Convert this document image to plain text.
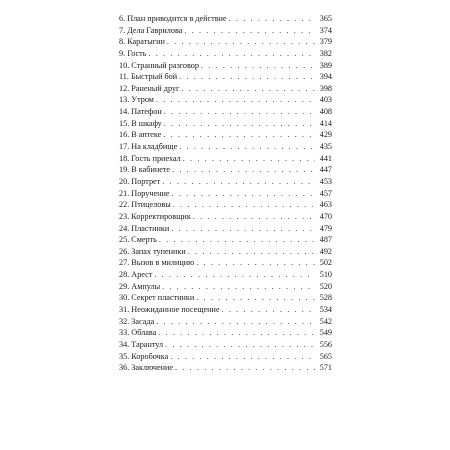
6. План приводится в действие . . .	365
7. Дела Гаврилова . . .	374
8. Каратыгин . . .	379
9. Гость . . .	382
10. Странный разговор . . .	389
11. Быстрый бой . . .	394
12. Раненый друг . . .	398
13. Утром . . .	403
14. Патефон . . .	408
15. В шкафу . . .	414
16. В аптеке . . .	429
17. На кладбище . . .	435
18. Гость приехал . . .	441
19. В кабинете . . .	447
20. Портрет . . .	453
21. Поручение . . .	457
22. Птицеловы . . .	463
23. Корректировщик . . .	470
24. Пластинки . . .	479
25. Смерть . . .	487
26. Запах тупеники . . .	492
27. Вызов в милицию . . .	502
28. Арест . . .	510
29. Ампулы . . .	520
30. Секрет пластинки . . .	528
31. Неожиданное посещение . . .	534
32. Засада . . .	542
33. Облава . . .	549
34. Тарантул . . .	556
35. Коробочка . . .	565
36. Заключение . . .	571
